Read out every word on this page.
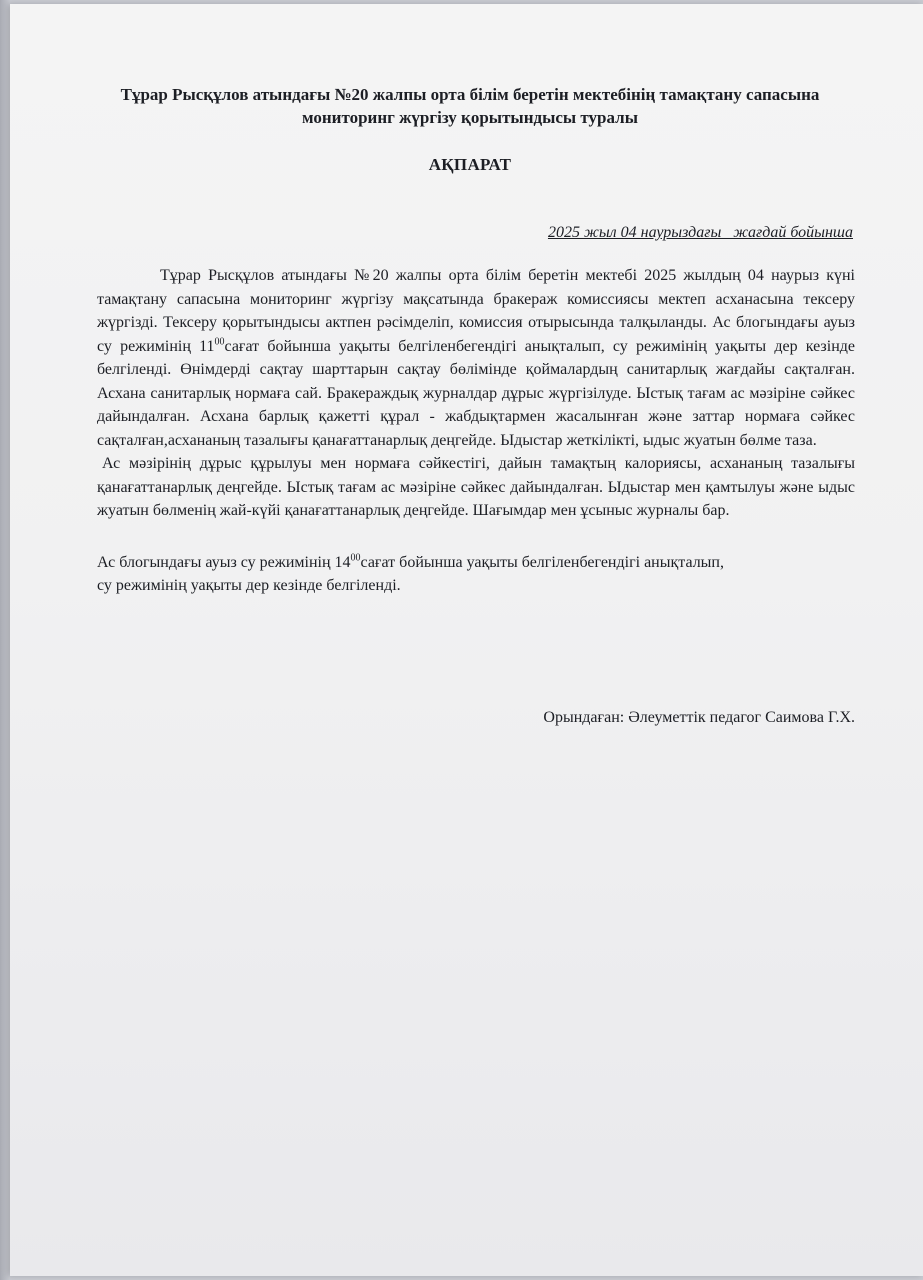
Тұрар Рысқұлов атындағы №20 жалпы орта білім беретін мектебінің тамақтану сапасына мониторинг жүргізу қорытындысы туралы
АҚПАРАТ
2025 жыл 04 наурыздағы   жағдай бойынша

Тұрар Рысқұлов атындағы №20 жалпы орта білім беретін мектебі 2025 жылдың 04 наурыз күні тамақтану сапасына мониторинг жүргізу мақсатында бракераж комиссиясы мектеп асханасына тексеру жүргізді. Тексеру қорытындысы актпен рәсімделіп, комиссия отырысында талқыланды. Ас блогындағы ауыз су режимінің $11^{00}сағат$ бойынша уақыты белгіленбегендігі анықталып, су режимінің уақыты дер кезінде белгіленді. Өнімдерді сақтау шарттарын сақтау бөлімінде қоймалардың санитарлық жағдайы сақталған. Асхана санитарлық нормаға сай. Бракераждық журналдар дұрыс жүргізілуде. Ыстық тағам ас мәзіріне сәйкес дайындалған. Асхана барлық қажетті құрал - жабдықтармен жасалынған және заттар нормаға сәйкес сақталған,асхананың тазалығы қанағаттанарлық деңгейде. Ыдыстар жеткілікті, ыдыс жуатын бөлме таза.

Ас мәзірінің дұрыс құрылуы мен нормаға сәйкестігі, дайын тамақтың калориясы, асхананың тазалығы қанағаттанарлық деңгейде. Ыстық тағам ас мәзіріне сәйкес дайындалған. Ыдыстар мен қамтылуы және ыдыс жуатын бөлменің жай-күйі қанағаттанарлық деңгейде. Шағымдар мен ұсыныс журналы бар.

Ас блогындағы ауыз су режимінің $14^{00}сағат$ бойынша уақыты белгіленбегендігі анықталып,
су режимінің уақыты дер кезінде белгіленді.

Орындаған: Әлеуметтік педагог Саимова Г.Х.
